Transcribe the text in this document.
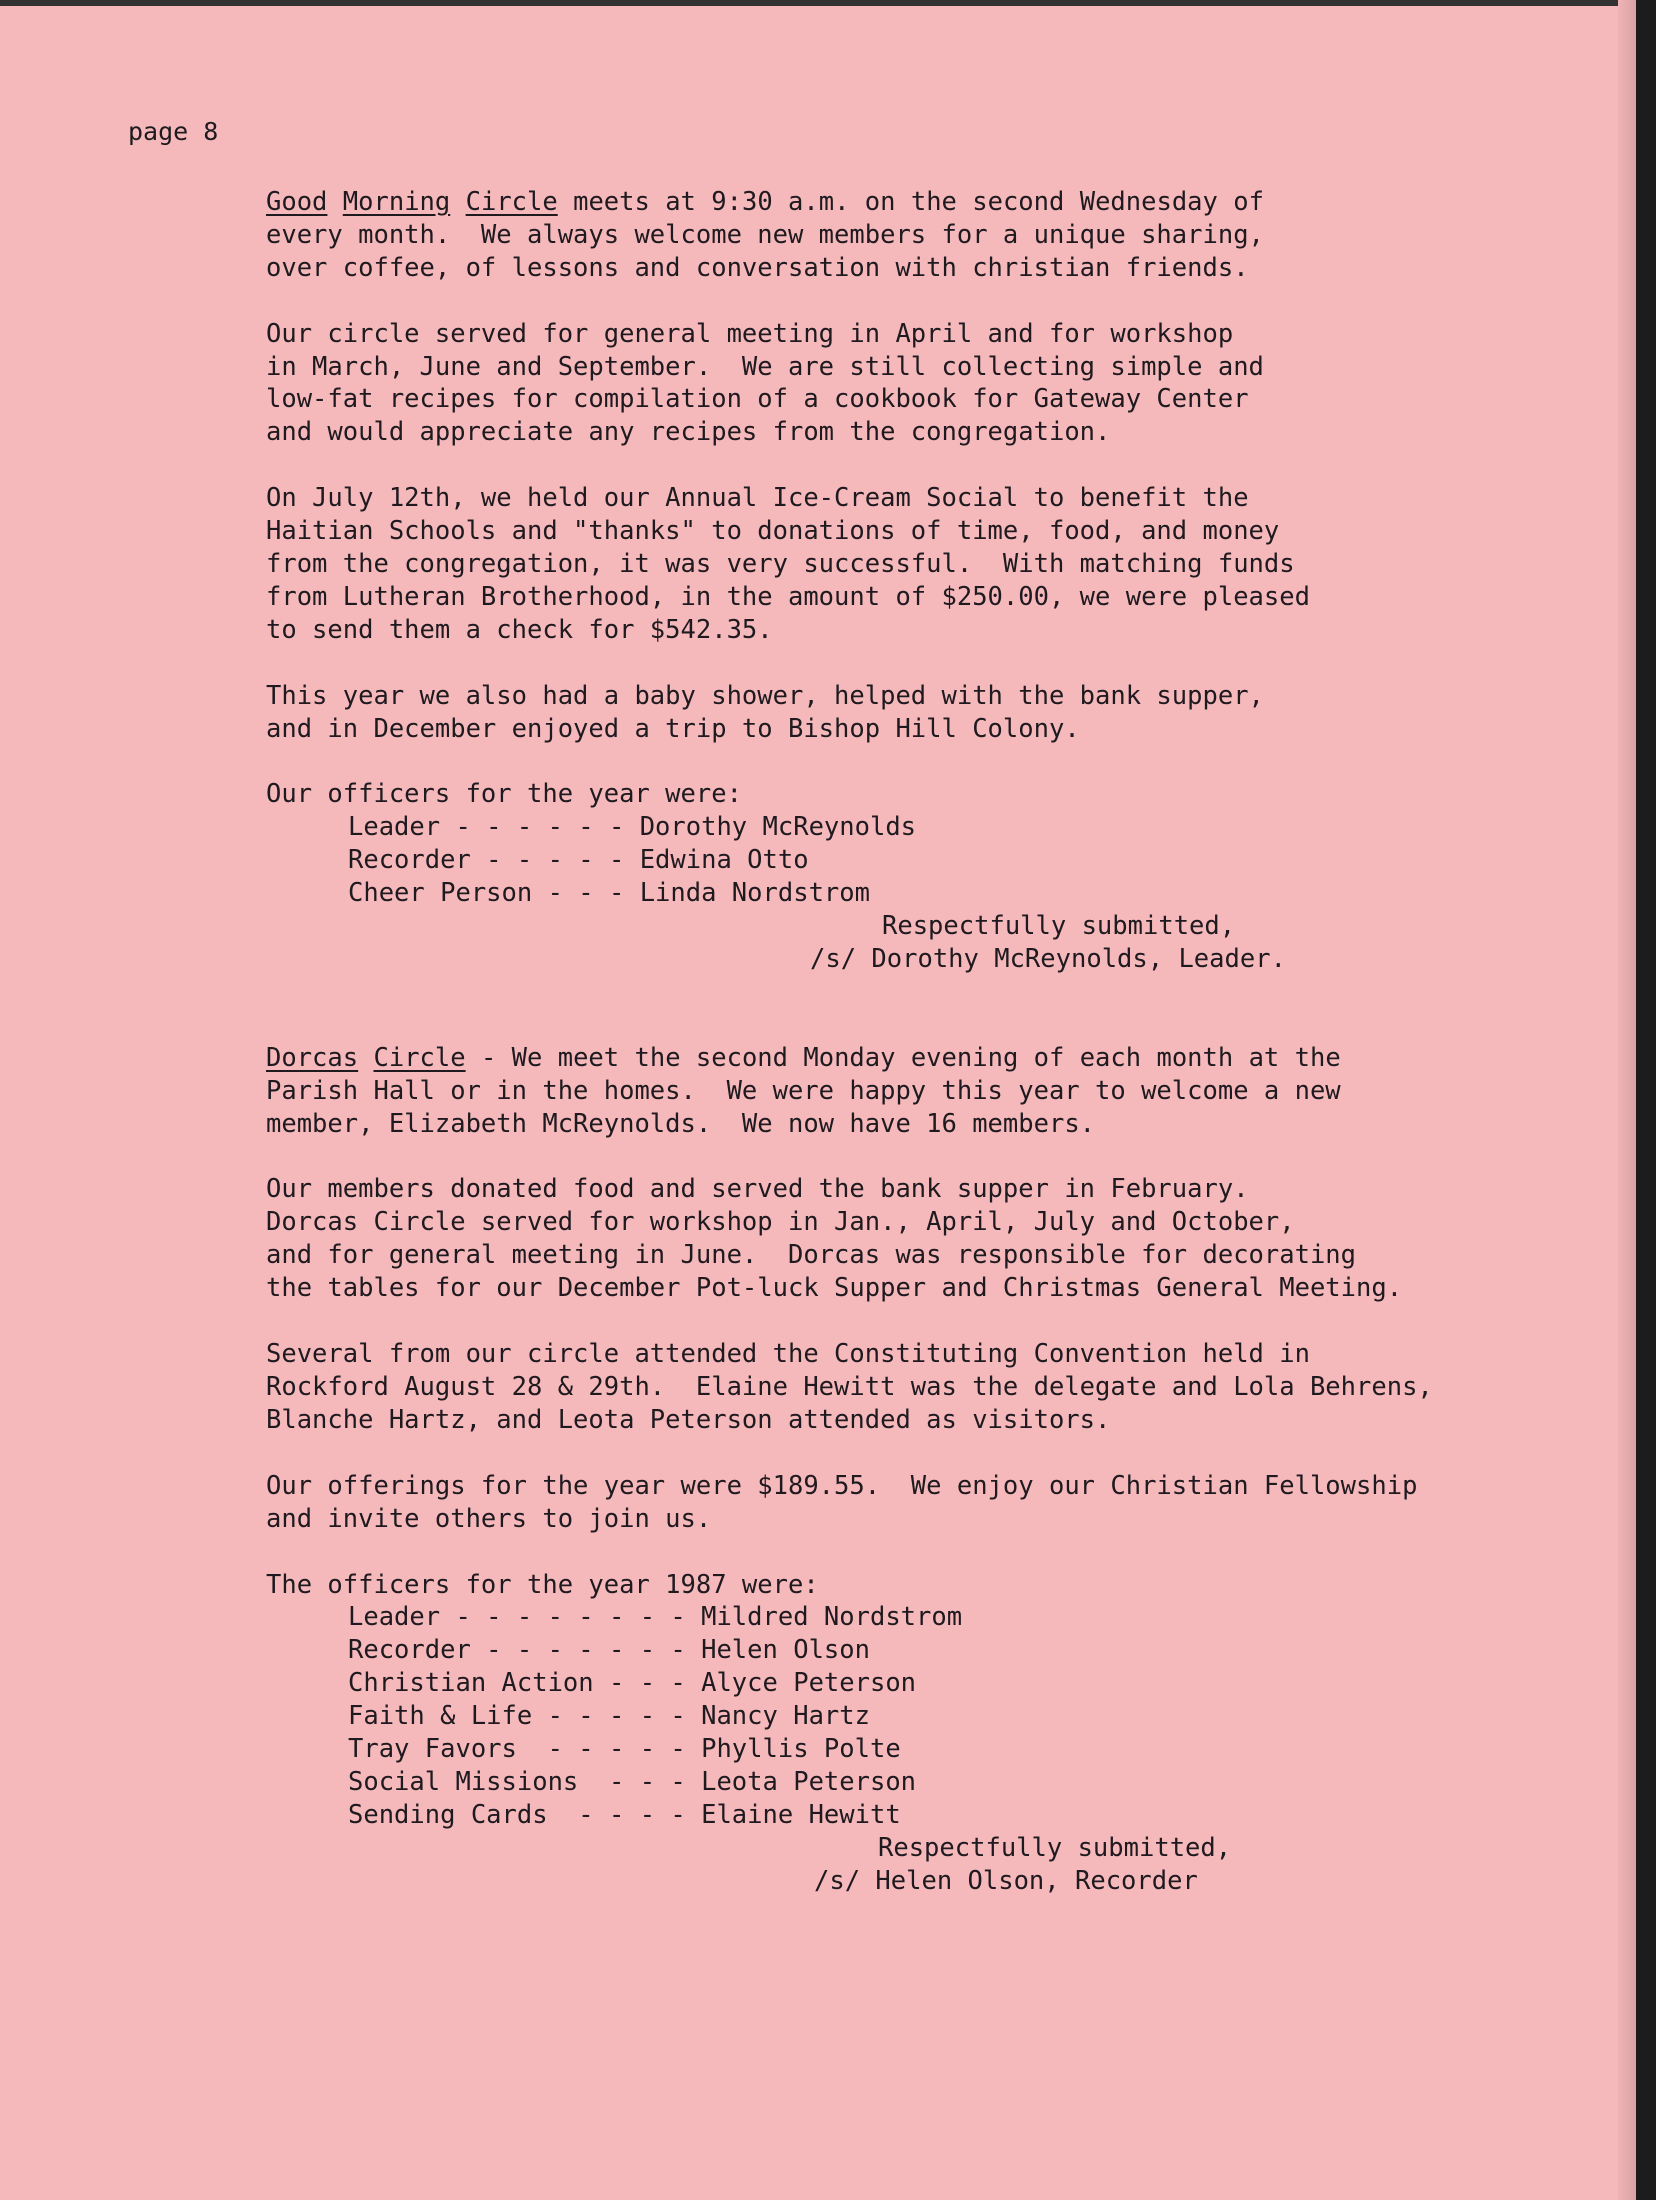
page 8

Good Morning Circle meets at 9:30 a.m. on the second Wednesday of
every month.  We always welcome new members for a unique sharing,
over coffee, of lessons and conversation with christian friends.

Our circle served for general meeting in April and for workshop
in March, June and September.  We are still collecting simple and
low-fat recipes for compilation of a cookbook for Gateway Center
and would appreciate any recipes from the congregation.

On July 12th, we held our Annual Ice-Cream Social to benefit the
Haitian Schools and "thanks" to donations of time, food, and money
from the congregation, it was very successful.  With matching funds
from Lutheran Brotherhood, in the amount of $250.00, we were pleased
to send them a check for $542.35.

This year we also had a baby shower, helped with the bank supper,
and in December enjoyed a trip to Bishop Hill Colony.

Our officers for the year were:
Leader - - - - - - Dorothy McReynolds
Recorder - - - - - Edwina Otto
Cheer Person - - - Linda Nordstrom

Respectfully submitted,
/s/ Dorothy McReynolds, Leader.

Dorcas Circle - We meet the second Monday evening of each month at the
Parish Hall or in the homes.  We were happy this year to welcome a new
member, Elizabeth McReynolds.  We now have 16 members.

Our members donated food and served the bank supper in February.
Dorcas Circle served for workshop in Jan., April, July and October,
and for general meeting in June.  Dorcas was responsible for decorating
the tables for our December Pot-luck Supper and Christmas General Meeting.

Several from our circle attended the Constituting Convention held in
Rockford August 28 & 29th.  Elaine Hewitt was the delegate and Lola Behrens,
Blanche Hartz, and Leota Peterson attended as visitors.

Our offerings for the year were $189.55.  We enjoy our Christian Fellowship
and invite others to join us.

The officers for the year 1987 were:
Leader - - - - - - - - Mildred Nordstrom
Recorder - - - - - - - Helen Olson
Christian Action - - - Alyce Peterson
Faith & Life - - - - - Nancy Hartz
Tray Favors  - - - - - Phyllis Polte
Social Missions  - - - Leota Peterson
Sending Cards  - - - - Elaine Hewitt

Respectfully submitted,
/s/ Helen Olson, Recorder
